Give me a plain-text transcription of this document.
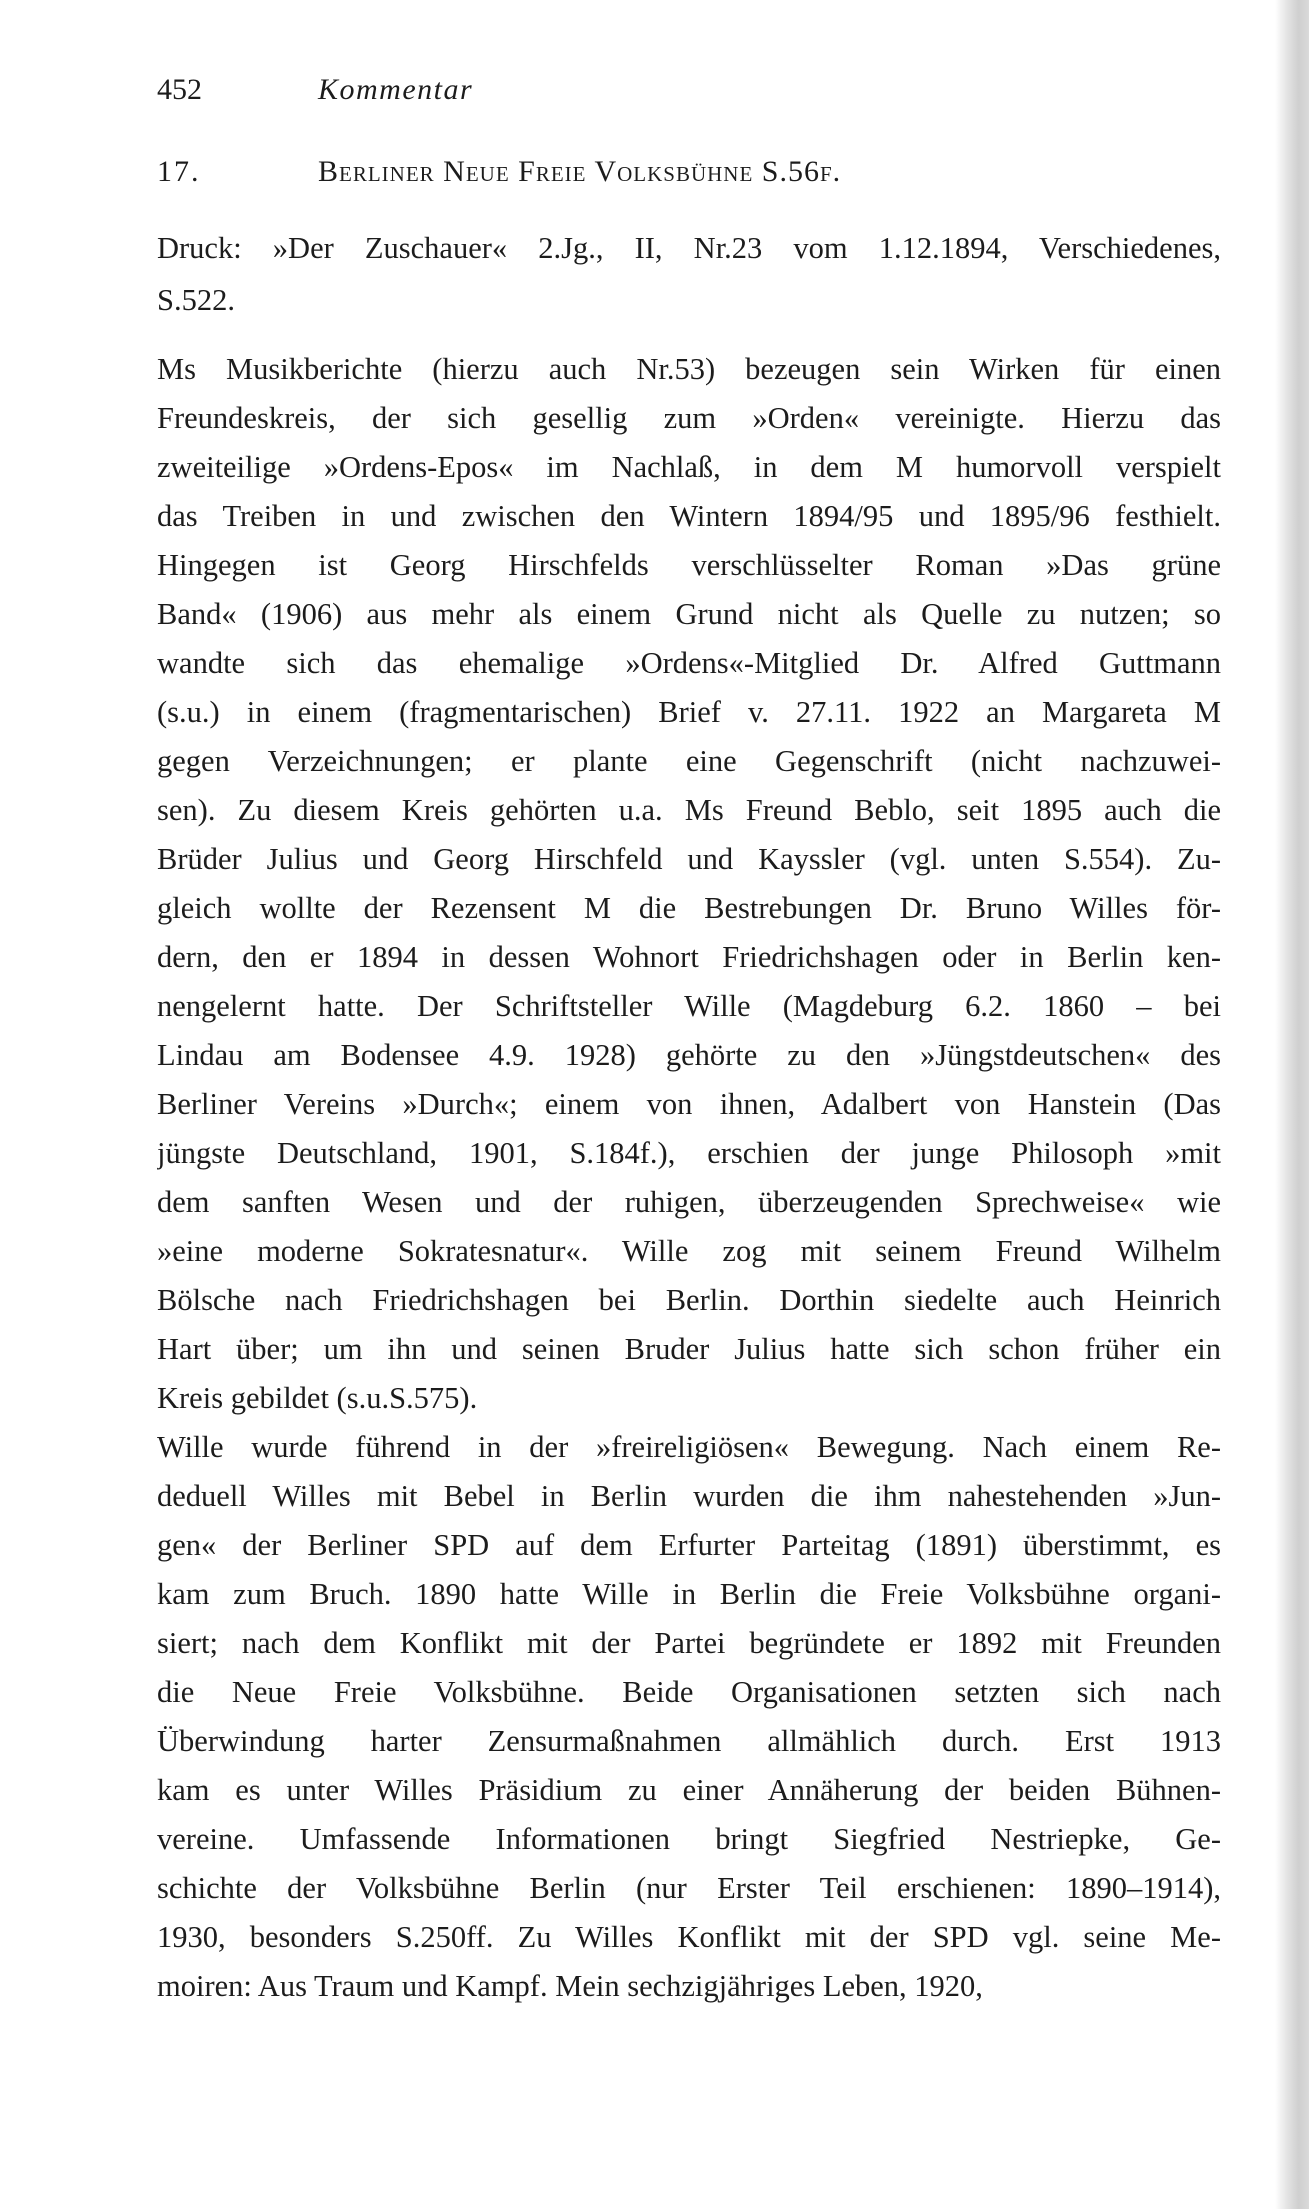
452	Kommentar
17.	Berliner Neue Freie Volksbühne S.56f.
Druck: »Der Zuschauer« 2.Jg., II, Nr.23 vom 1.12.1894, Verschiedenes,
S.522.
Ms Musikberichte (hierzu auch Nr.53) bezeugen sein Wirken für einen
Freundeskreis, der sich gesellig zum »Orden« vereinigte. Hierzu das
zweiteilige »Ordens-Epos« im Nachlaß, in dem M humorvoll verspielt
das Treiben in und zwischen den Wintern 1894/95 und 1895/96 festhielt.
Hingegen ist Georg Hirschfelds verschlüsselter Roman »Das grüne
Band« (1906) aus mehr als einem Grund nicht als Quelle zu nutzen; so
wandte sich das ehemalige »Ordens«-Mitglied Dr. Alfred Guttmann
(s.u.) in einem (fragmentarischen) Brief v. 27.11. 1922 an Margareta M
gegen Verzeichnungen; er plante eine Gegenschrift (nicht nachzuwei-
sen). Zu diesem Kreis gehörten u.a. Ms Freund Beblo, seit 1895 auch die
Brüder Julius und Georg Hirschfeld und Kayssler (vgl. unten S.554). Zu-
gleich wollte der Rezensent M die Bestrebungen Dr. Bruno Willes för-
dern, den er 1894 in dessen Wohnort Friedrichshagen oder in Berlin ken-
nengelernt hatte. Der Schriftsteller Wille (Magdeburg 6.2. 1860 – bei
Lindau am Bodensee 4.9. 1928) gehörte zu den »Jüngstdeutschen« des
Berliner Vereins »Durch«; einem von ihnen, Adalbert von Hanstein (Das
jüngste Deutschland, 1901, S.184f.), erschien der junge Philosoph »mit
dem sanften Wesen und der ruhigen, überzeugenden Sprechweise« wie
»eine moderne Sokratesnatur«. Wille zog mit seinem Freund Wilhelm
Bölsche nach Friedrichshagen bei Berlin. Dorthin siedelte auch Heinrich
Hart über; um ihn und seinen Bruder Julius hatte sich schon früher ein
Kreis gebildet (s.u.S.575).
Wille wurde führend in der »freireligiösen« Bewegung. Nach einem Re-
deduell Willes mit Bebel in Berlin wurden die ihm nahestehenden »Jun-
gen« der Berliner SPD auf dem Erfurter Parteitag (1891) überstimmt, es
kam zum Bruch. 1890 hatte Wille in Berlin die Freie Volksbühne organi-
siert; nach dem Konflikt mit der Partei begründete er 1892 mit Freunden
die Neue Freie Volksbühne. Beide Organisationen setzten sich nach
Überwindung harter Zensurmaßnahmen allmählich durch. Erst 1913
kam es unter Willes Präsidium zu einer Annäherung der beiden Bühnen-
vereine. Umfassende Informationen bringt Siegfried Nestriepke, Ge-
schichte der Volksbühne Berlin (nur Erster Teil erschienen: 1890–1914),
1930, besonders S.250ff. Zu Willes Konflikt mit der SPD vgl. seine Me-
moiren: Aus Traum und Kampf. Mein sechzigjähriges Leben, 1920,
